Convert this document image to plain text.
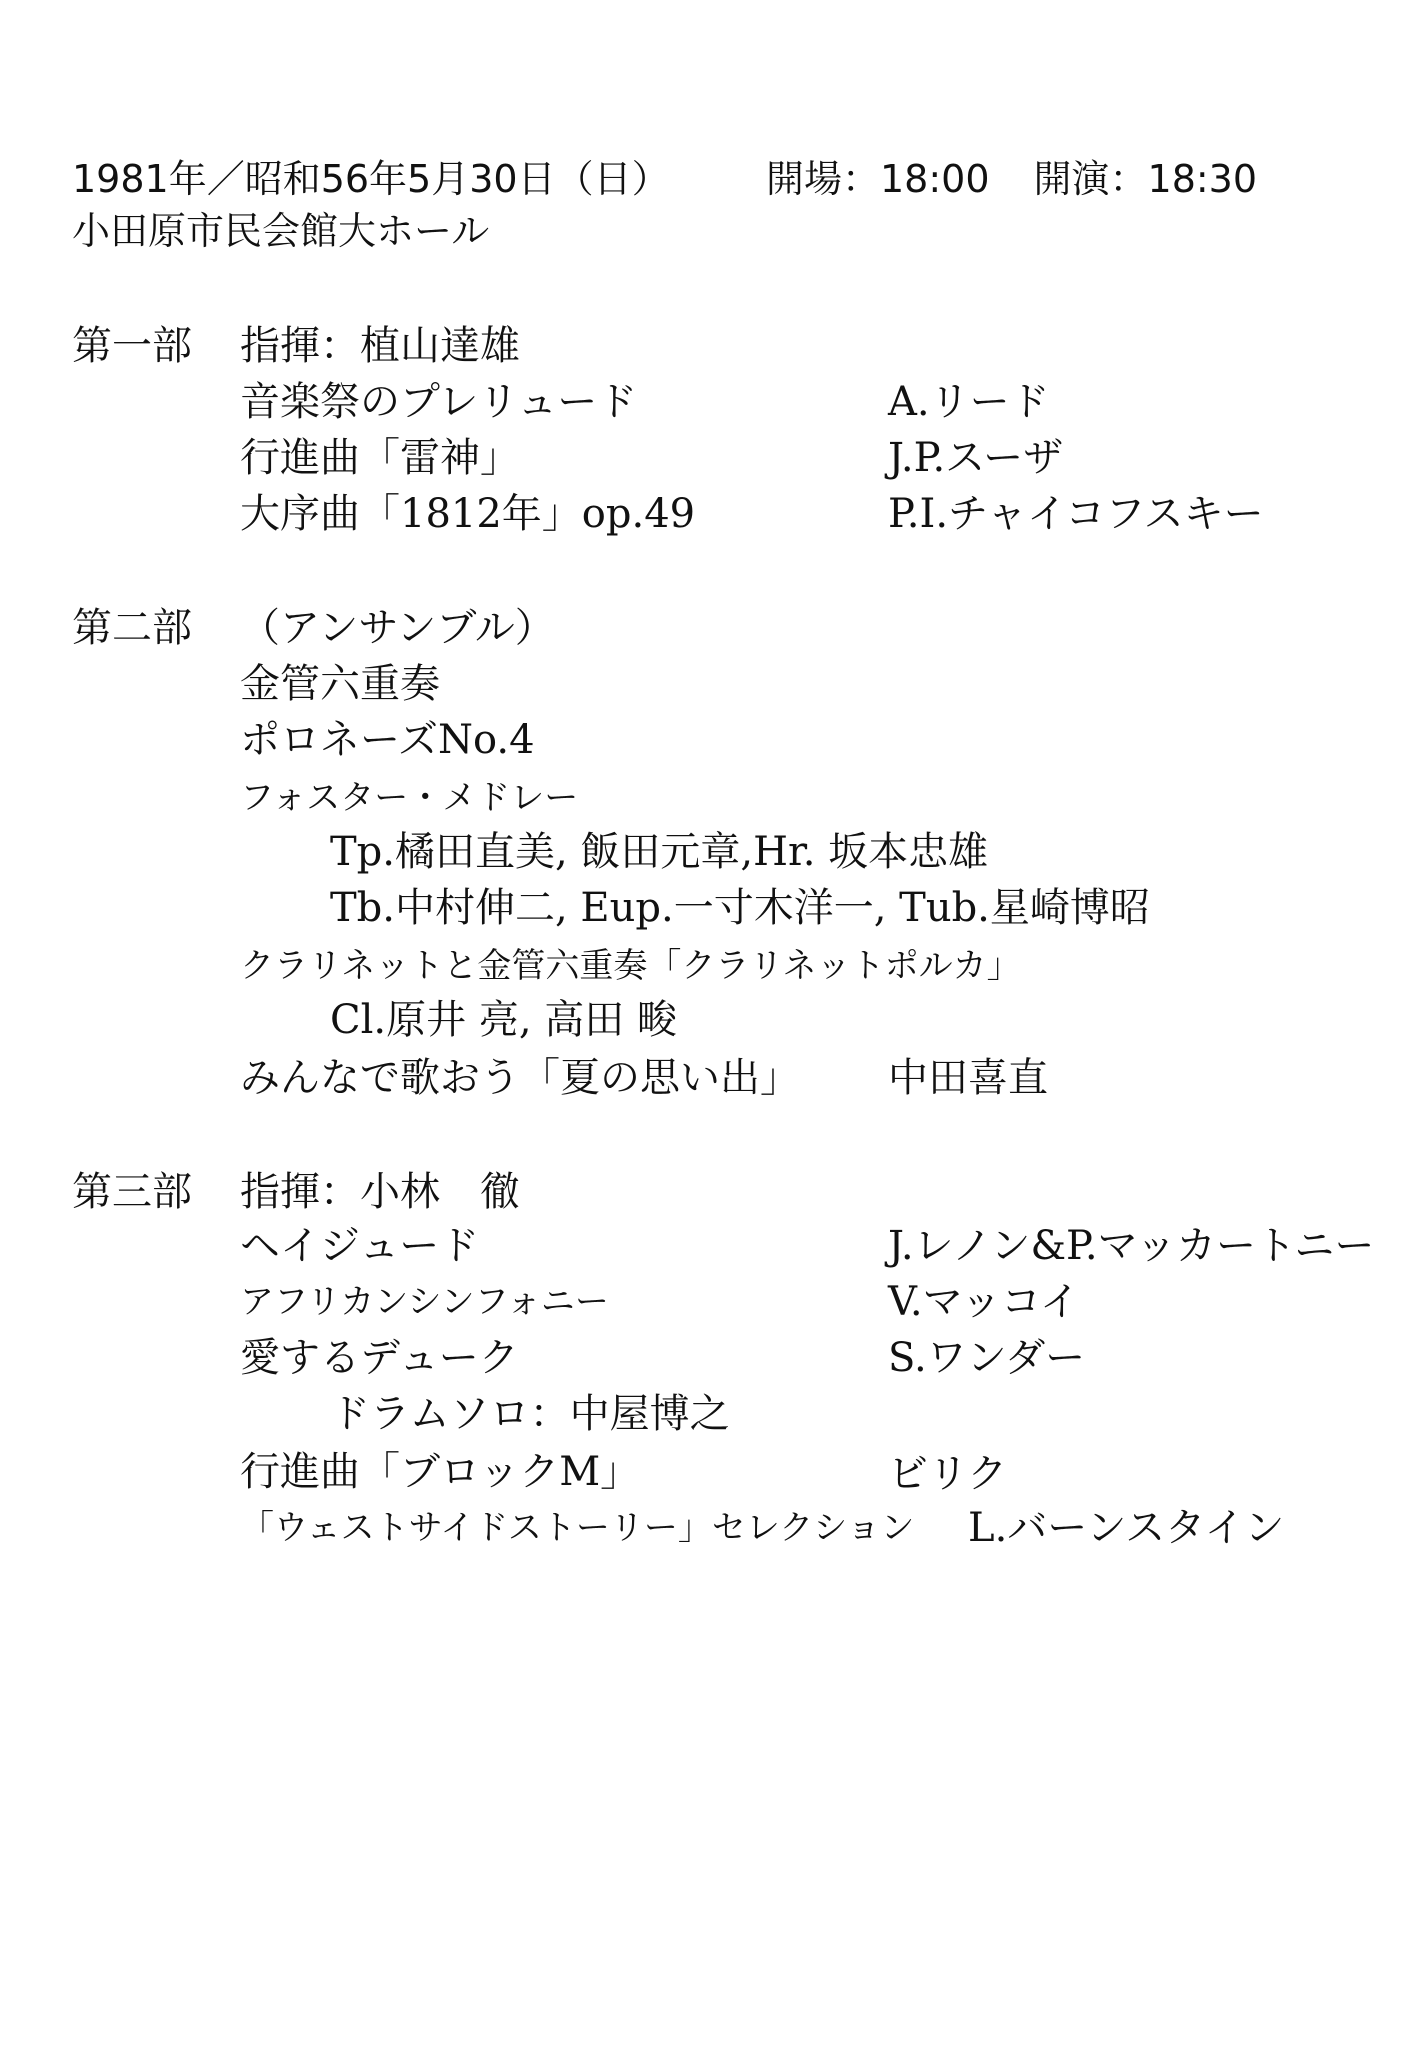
1981年／昭和56年5月30日（日）	開場：18:00 開演：18:30
小田原市民会館大ホール
第一部 指揮：植山達雄
音楽祭のプレリュード	A.リード
行進曲「雷神」	J.P.スーザ
大序曲「1812年」op.49	P.I.チャイコフスキー
第二部 （アンサンブル）
金管六重奏
ポロネーズNo.4
フォスター・メドレー
Tp.橘田直美, 飯田元章,Hr. 坂本忠雄
Tb.中村伸二, Eup.一寸木洋一, Tub.星崎博昭
クラリネットと金管六重奏「クラリネットポルカ」
Cl.原井 亮, 高田 畯
みんなで歌おう「夏の思い出」 中田喜直
第三部 指揮：小林　徹
ヘイジュード	J.レノン&P.マッカートニー
アフリカンシンフォニー	V.マッコイ
愛するデューク	S.ワンダー
ドラムソロ：中屋博之
行進曲「ブロックM」	ビリク
「ウェストサイドストーリー」セレクション L.バーンスタイン
